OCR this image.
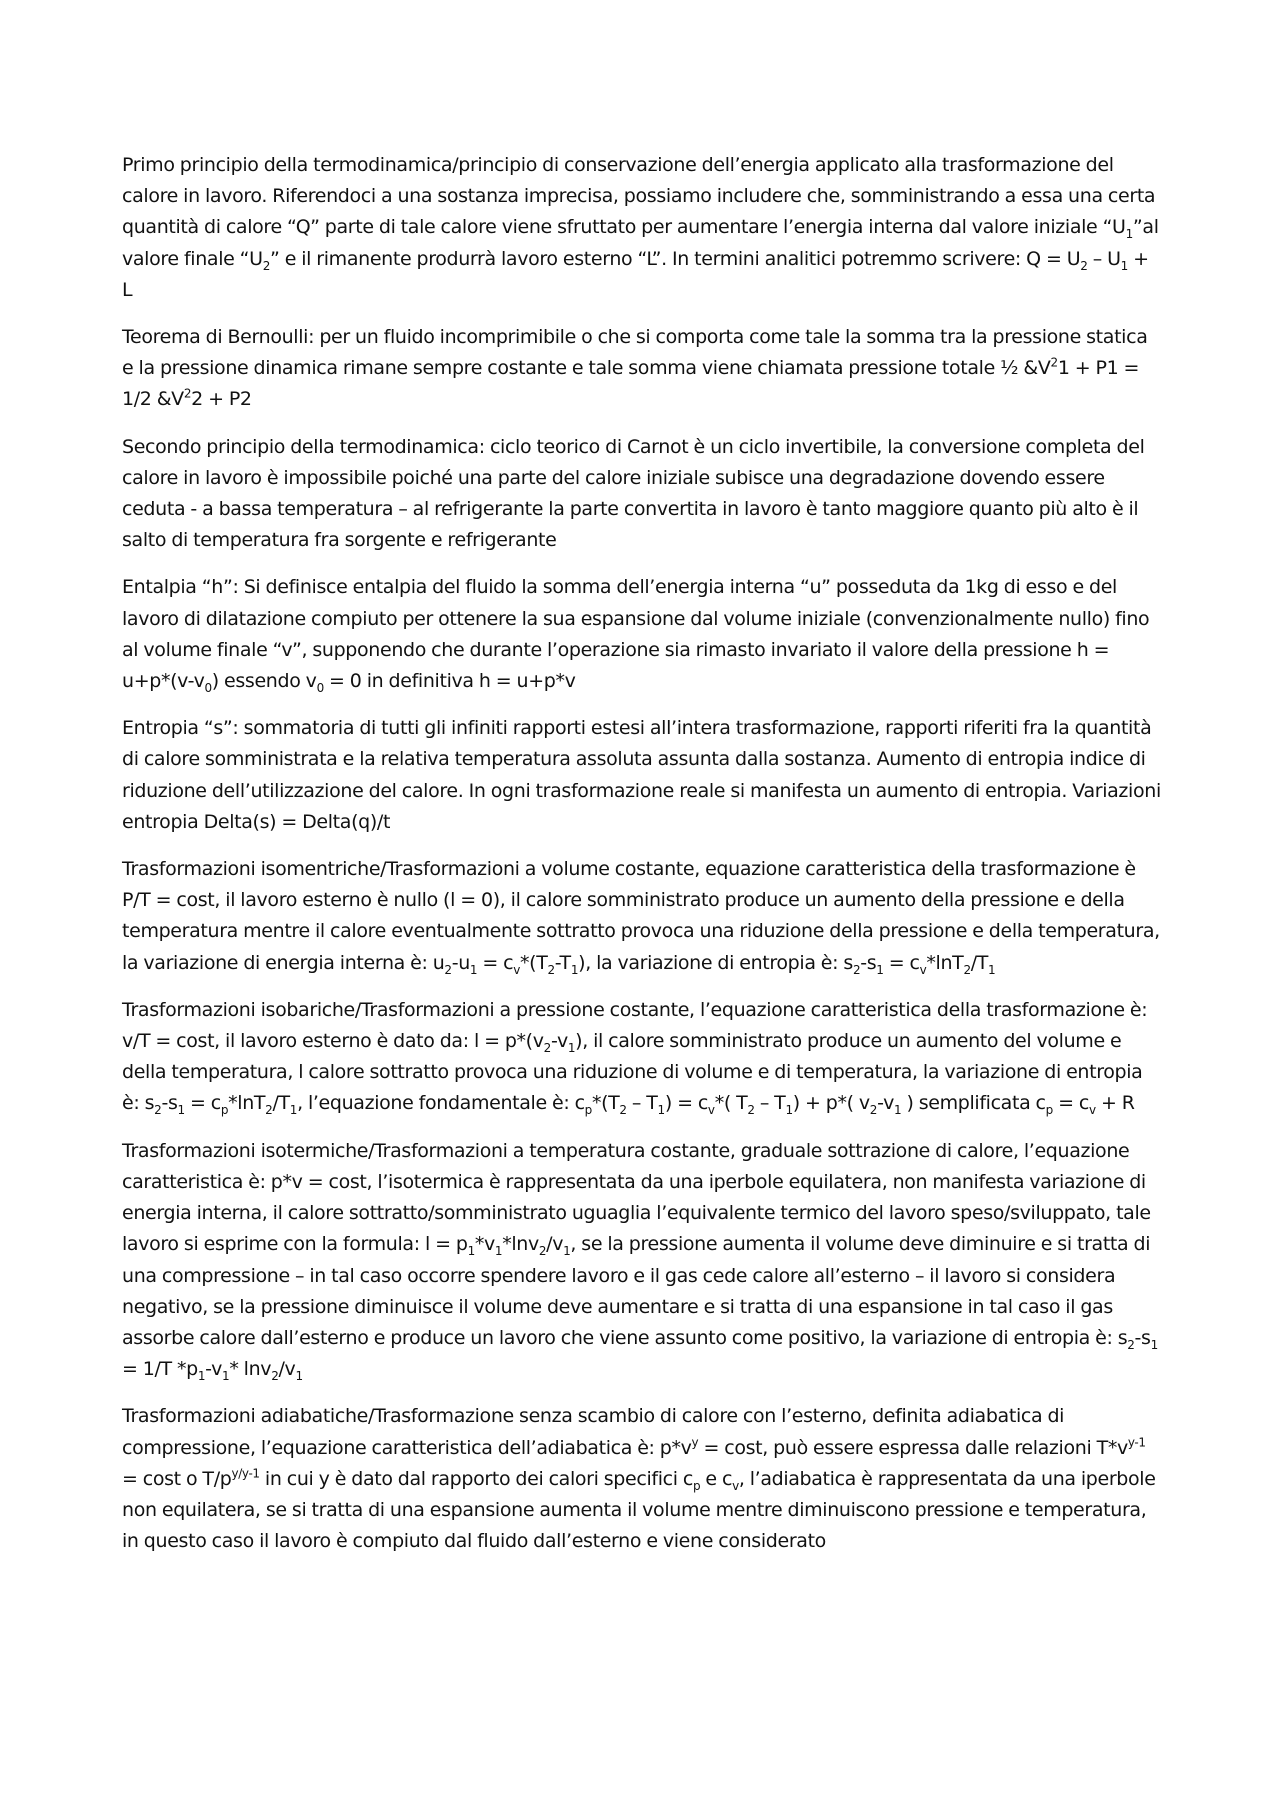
Primo principio della termodinamica/principio di conservazione dell’energia applicato alla trasformazione del calore in lavoro. Riferendoci a una sostanza imprecisa, possiamo includere che, somministrando a essa una certa quantità di calore “Q” parte di tale calore viene sfruttato per aumentare l’energia interna dal valore iniziale “$U_1”al$ valore finale “$U_2$” e il rimanente produrrà lavoro esterno “L”. In termini analitici potremmo scrivere: $Q = U_2 - U_1 + L$

Teorema di Bernoulli: per un fluido incomprimibile o che si comporta come tale la somma tra la pressione statica e la pressione dinamica rimane sempre costante e tale somma viene chiamata pressione totale ½ $\&V^21 + P1 = 1/2$ $\&V^22 + P2$

Secondo principio della termodinamica: ciclo teorico di Carnot è un ciclo invertibile, la conversione completa del calore in lavoro è impossibile poiché una parte del calore iniziale subisce una degradazione dovendo essere ceduta - a bassa temperatura – al refrigerante la parte convertita in lavoro è tanto maggiore quanto più alto è il salto di temperatura fra sorgente e refrigerante

Entalpia “h”: Si definisce entalpia del fluido la somma dell’energia interna “u” posseduta da 1kg di esso e del lavoro di dilatazione compiuto per ottenere la sua espansione dal volume iniziale (convenzionalmente nullo) fino al volume finale “v”, supponendo che durante l’operazione sia rimasto invariato il valore della pressione $h = u+p*(v-v_0)$ essendo $v_0 = 0$ in definitiva h = u+p*v

Entropia “s”: sommatoria di tutti gli infiniti rapporti estesi all’intera trasformazione, rapporti riferiti fra la quantità di calore somministrata e la relativa temperatura assoluta assunta dalla sostanza. Aumento di entropia indice di riduzione dell’utilizzazione del calore. In ogni trasformazione reale si manifesta un aumento di entropia. Variazioni entropia Delta(s) = Delta(q)/t

Trasformazioni isomentriche/Trasformazioni a volume costante, equazione caratteristica della trasformazione è P/T = cost, il lavoro esterno è nullo (l = 0), il calore somministrato produce un aumento della pressione e della temperatura mentre il calore eventualmente sottratto provoca una riduzione della pressione e della temperatura, la variazione di energia interna è: $u_2-u_1 = c_v*(T_2-T_1)$, la variazione di entropia è: $s_2-s_1 = c_v*\ln T_2/T_1$

Trasformazioni isobariche/Trasformazioni a pressione costante, l’equazione caratteristica della trasformazione è: v/T = cost, il lavoro esterno è dato da: $l = p*(v_2-v_1)$, il calore somministrato produce un aumento del volume e della temperatura, l calore sottratto provoca una riduzione di volume e di temperatura, la variazione di entropia è: $s_2-s_1 = c_p*\ln T_2/T_1$, l’equazione fondamentale è: $c_p*(T_2 - T_1) = c_v*$( $T_2 - T_1) + p*$( $v_2-v_1$ ) semplificata $c_p = c_v + R$

Trasformazioni isotermiche/Trasformazioni a temperatura costante, graduale sottrazione di calore, l’equazione caratteristica è: p*v = cost, l’isotermica è rappresentata da una iperbole equilatera, non manifesta variazione di energia interna, il calore sottratto/somministrato uguaglia l’equivalente termico del lavoro speso/sviluppato, tale lavoro si esprime con la formula: $l = p_1*v_1*\ln v_2/v_1$, se la pressione aumenta il volume deve diminuire e si tratta di una compressione – in tal caso occorre spendere lavoro e il gas cede calore all’esterno – il lavoro si considera negativo, se la pressione diminuisce il volume deve aumentare e si tratta di una espansione in tal caso il gas assorbe calore dall’esterno e produce un lavoro che viene assunto come positivo, la variazione di entropia è: $s_2-s_1 = 1/T$ $*p_1-v_1*$ $\ln v_2/v_1$

Trasformazioni adiabatiche/Trasformazione senza scambio di calore con l’esterno, definita adiabatica di compressione, l’equazione caratteristica dell’adiabatica è: $p*v^y = \cos t$, può essere espressa dalle relazioni $T*v^{y-1} = \cos t$ o $T/p^{y/y-1}$ in cui y è dato dal rapporto dei calori specifici $c_p$ e $c_v$, l’adiabatica è rappresentata da una iperbole non equilatera, se si tratta di una espansione aumenta il volume mentre diminuiscono pressione e temperatura, in questo caso il lavoro è compiuto dal fluido dall’esterno e viene considerato
